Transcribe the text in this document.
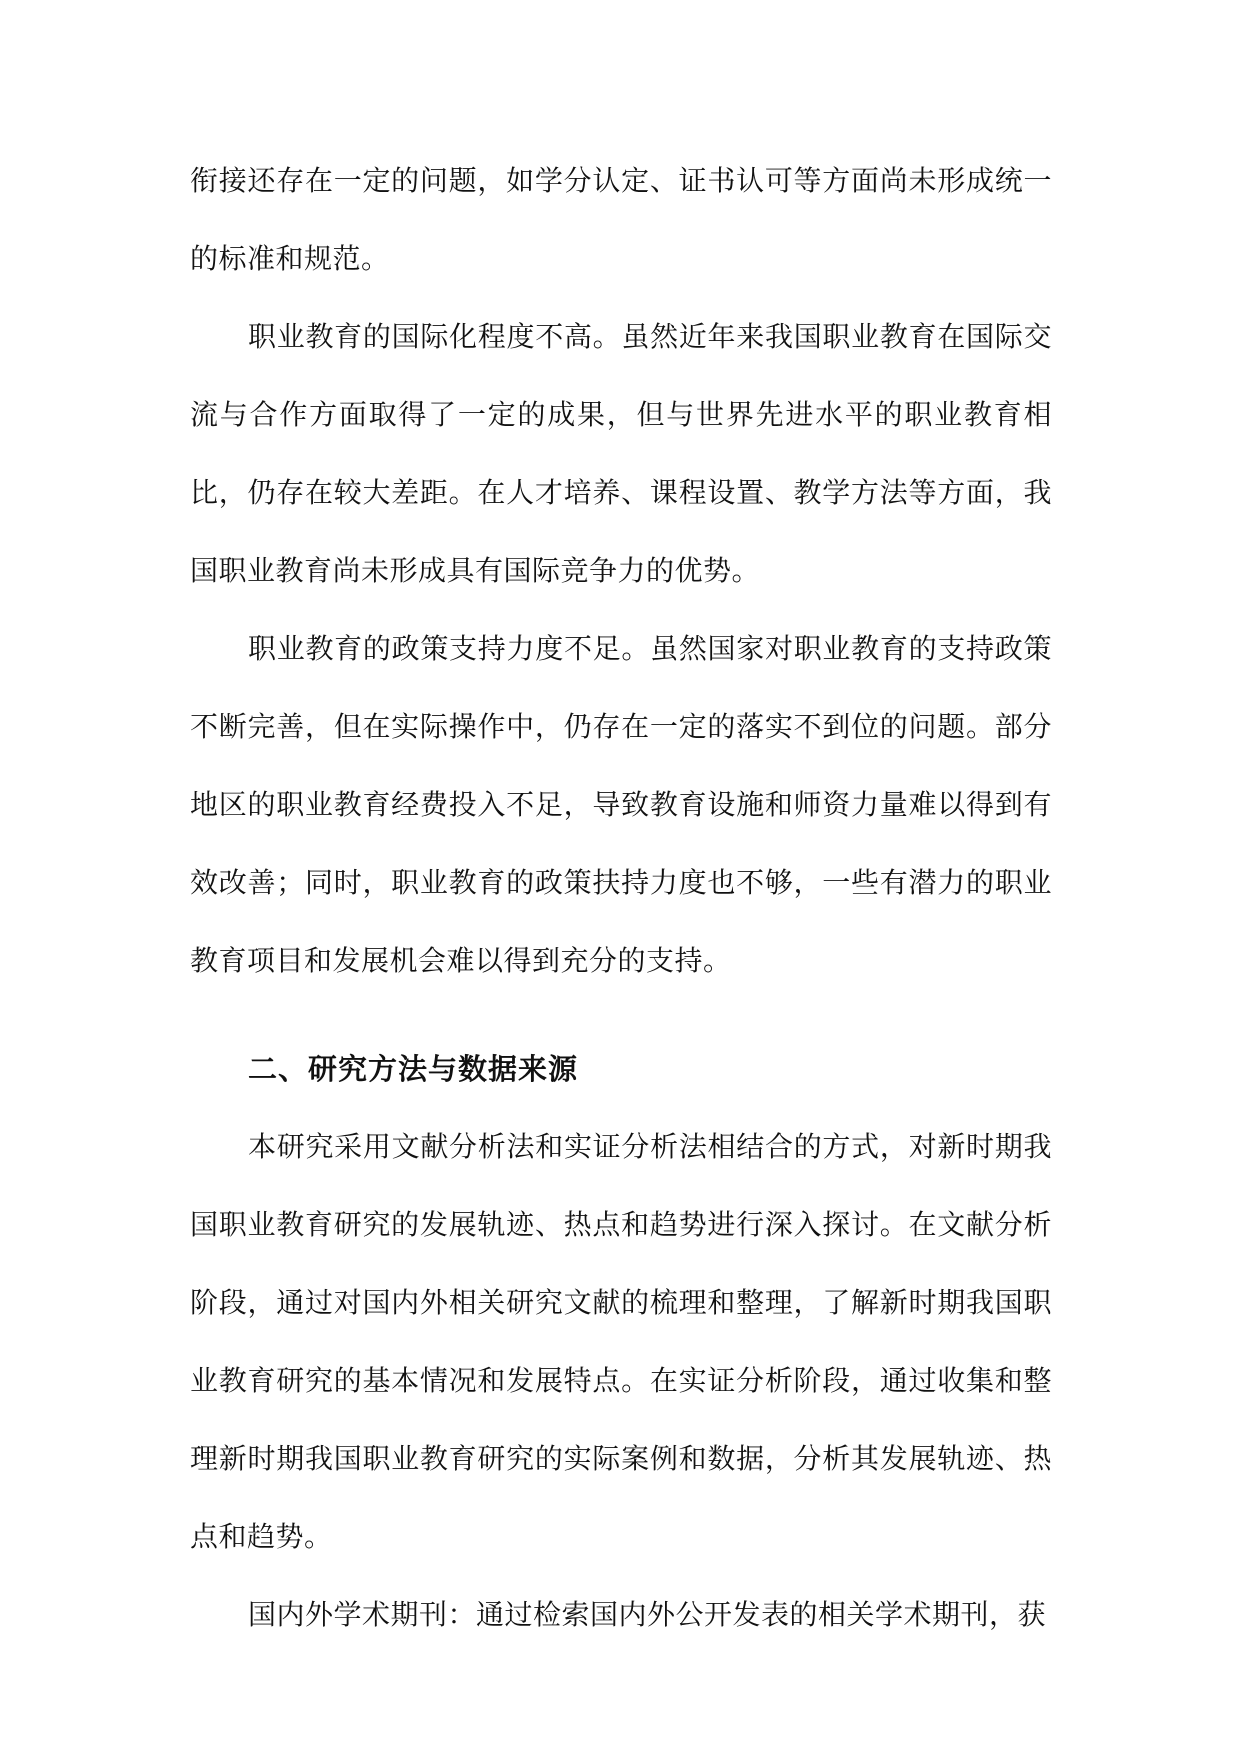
衔接还存在一定的问题，如学分认定、证书认可等方面尚未形成统一的标准和规范。

职业教育的国际化程度不高。虽然近年来我国职业教育在国际交流与合作方面取得了一定的成果，但与世界先进水平的职业教育相比，仍存在较大差距。在人才培养、课程设置、教学方法等方面，我国职业教育尚未形成具有国际竞争力的优势。

职业教育的政策支持力度不足。虽然国家对职业教育的支持政策不断完善，但在实际操作中，仍存在一定的落实不到位的问题。部分地区的职业教育经费投入不足，导致教育设施和师资力量难以得到有效改善；同时，职业教育的政策扶持力度也不够，一些有潜力的职业教育项目和发展机会难以得到充分的支持。

二、研究方法与数据来源

本研究采用文献分析法和实证分析法相结合的方式，对新时期我国职业教育研究的发展轨迹、热点和趋势进行深入探讨。在文献分析阶段，通过对国内外相关研究文献的梳理和整理，了解新时期我国职业教育研究的基本情况和发展特点。在实证分析阶段，通过收集和整理新时期我国职业教育研究的实际案例和数据，分析其发展轨迹、热点和趋势。

国内外学术期刊：通过检索国内外公开发表的相关学术期刊，获
